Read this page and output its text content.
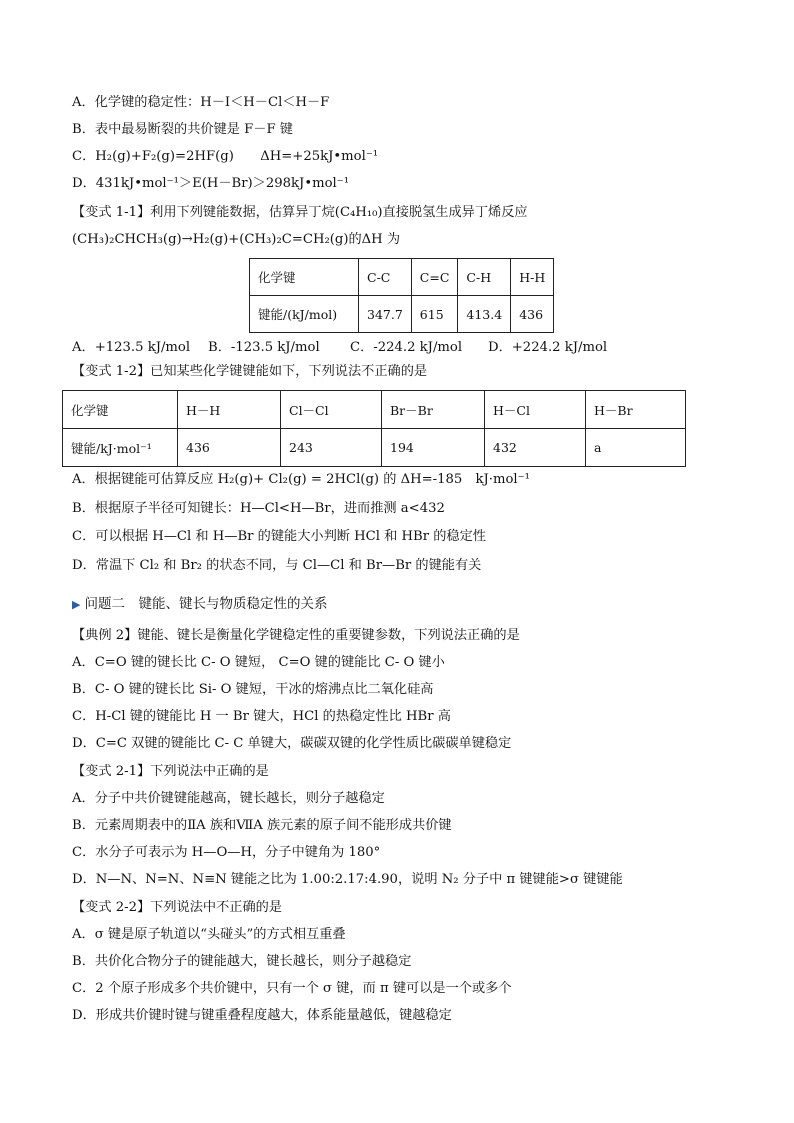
A．化学键的稳定性：H－I＜H－Cl＜H－F
B．表中最易断裂的共价键是 F－F 键
C．H₂(g)+F₂(g)=2HF(g)　　ΔH=+25kJ•mol⁻¹
D．431kJ•mol⁻¹＞E(H－Br)＞298kJ•mol⁻¹
【变式 1-1】利用下列键能数据，估算异丁烷(C₄H₁₀)直接脱氢生成异丁烯反应
(CH₃)₂CHCH₃(g)→H₂(g)+(CH₃)₂C=CH₂(g)的ΔH 为
化学键	C-C	C=C	C-H	H-H
键能/(kJ/mol)	347.7	615	413.4	436
A．+123.5 kJ/mol B．-123.5 kJ/mol C．-224.2 kJ/mol D．+224.2 kJ/mol
【变式 1-2】已知某些化学键键能如下，下列说法不正确的是
化学键	H－H	Cl－Cl	Br－Br	H－Cl	H－Br
键能/kJ·mol⁻¹	436	243	194	432	a
A．根据键能可估算反应 H₂(g)+ Cl₂(g) = 2HCl(g) 的 ΔH=-185　kJ·mol⁻¹
B．根据原子半径可知键长：H—Cl<H—Br，进而推测 a<432
C．可以根据 H—Cl 和 H—Br 的键能大小判断 HCl 和 HBr 的稳定性
D．常温下 Cl₂ 和 Br₂ 的状态不同，与 Cl—Cl 和 Br—Br 的键能有关
▶ 问题二　键能、键长与物质稳定性的关系
【典例 2】键能、键长是衡量化学键稳定性的重要键参数，下列说法正确的是
A．C=O 键的键长比 C- O 键短， C=O 键的键能比 C- O 键小
B．C- O 键的键长比 Si- O 键短，干冰的熔沸点比二氧化硅高
C．H-Cl 键的键能比 H 一 Br 键大，HCl 的热稳定性比 HBr 高
D．C=C 双键的键能比 C- C 单键大，碳碳双键的化学性质比碳碳单键稳定
【变式 2-1】下列说法中正确的是
A．分子中共价键键能越高，键长越长，则分子越稳定
B．元素周期表中的ⅡA 族和ⅦA 族元素的原子间不能形成共价键
C．水分子可表示为 H—O—H，分子中键角为 180°
D．N—N、N=N、N≡N 键能之比为 1.00:2.17:4.90，说明 N₂ 分子中 π 键键能>σ 键键能
【变式 2-2】下列说法中不正确的是
A．σ 键是原子轨道以“头碰头”的方式相互重叠
B．共价化合物分子的键能越大，键长越长，则分子越稳定
C．2 个原子形成多个共价键中，只有一个 σ 键，而 π 键可以是一个或多个
D．形成共价键时键与键重叠程度越大，体系能量越低，键越稳定
